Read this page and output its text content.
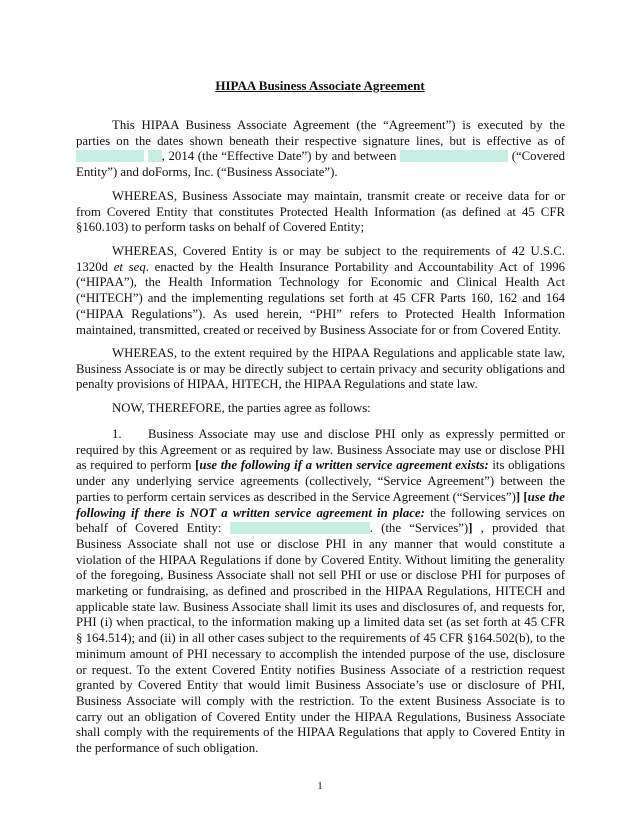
HIPAA Business Associate Agreement
This HIPAA Business Associate Agreement (the “Agreement”) is executed by the parties on the dates shown beneath their respective signature lines, but is effective as of  , 2014 (the “Effective Date”) by and between	(“Covered Entity”) and doForms, Inc. (“Business Associate”).
WHEREAS, Business Associate may maintain, transmit create or receive data for or from Covered Entity that constitutes Protected Health Information (as defined at 45 CFR §160.103) to perform tasks on behalf of Covered Entity;
WHEREAS, Covered Entity is or may be subject to the requirements of 42 U.S.C. 1320d et seq. enacted by the Health Insurance Portability and Accountability Act of 1996 (“HIPAA”), the Health Information Technology for Economic and Clinical Health Act (“HITECH”) and the implementing regulations set forth at 45 CFR Parts 160, 162 and 164 (“HIPAA Regulations”). As used herein, “PHI” refers to Protected Health Information maintained, transmitted, created or received by Business Associate for or from Covered Entity.
WHEREAS, to the extent required by the HIPAA Regulations and applicable state law, Business Associate is or may be directly subject to certain privacy and security obligations and penalty provisions of HIPAA, HITECH, the HIPAA Regulations and state law.
NOW, THEREFORE, the parties agree as follows:
1. Business Associate may use and disclose PHI only as expressly permitted or required by this Agreement or as required by law. Business Associate may use or disclose PHI as required to perform [use the following if a written service agreement exists: its obligations under any underlying service agreements (collectively, “Service Agreement”) between the parties to perform certain services as described in the Service Agreement (“Services”)] [use the following if there is NOT a written service agreement in place: the following services on behalf of Covered Entity:	. (the “Services”)] , provided that Business Associate shall not use or disclose PHI in any manner that would constitute a violation of the HIPAA Regulations if done by Covered Entity. Without limiting the generality of the foregoing, Business Associate shall not sell PHI or use or disclose PHI for purposes of marketing or fundraising, as defined and proscribed in the HIPAA Regulations, HITECH and applicable state law. Business Associate shall limit its uses and disclosures of, and requests for, PHI (i) when practical, to the information making up a limited data set (as set forth at 45 CFR § 164.514); and (ii) in all other cases subject to the requirements of 45 CFR §164.502(b), to the minimum amount of PHI necessary to accomplish the intended purpose of the use, disclosure or request. To the extent Covered Entity notifies Business Associate of a restriction request granted by Covered Entity that would limit Business Associate’s use or disclosure of PHI, Business Associate will comply with the restriction. To the extent Business Associate is to carry out an obligation of Covered Entity under the HIPAA Regulations, Business Associate shall comply with the requirements of the HIPAA Regulations that apply to Covered Entity in the performance of such obligation.
1
